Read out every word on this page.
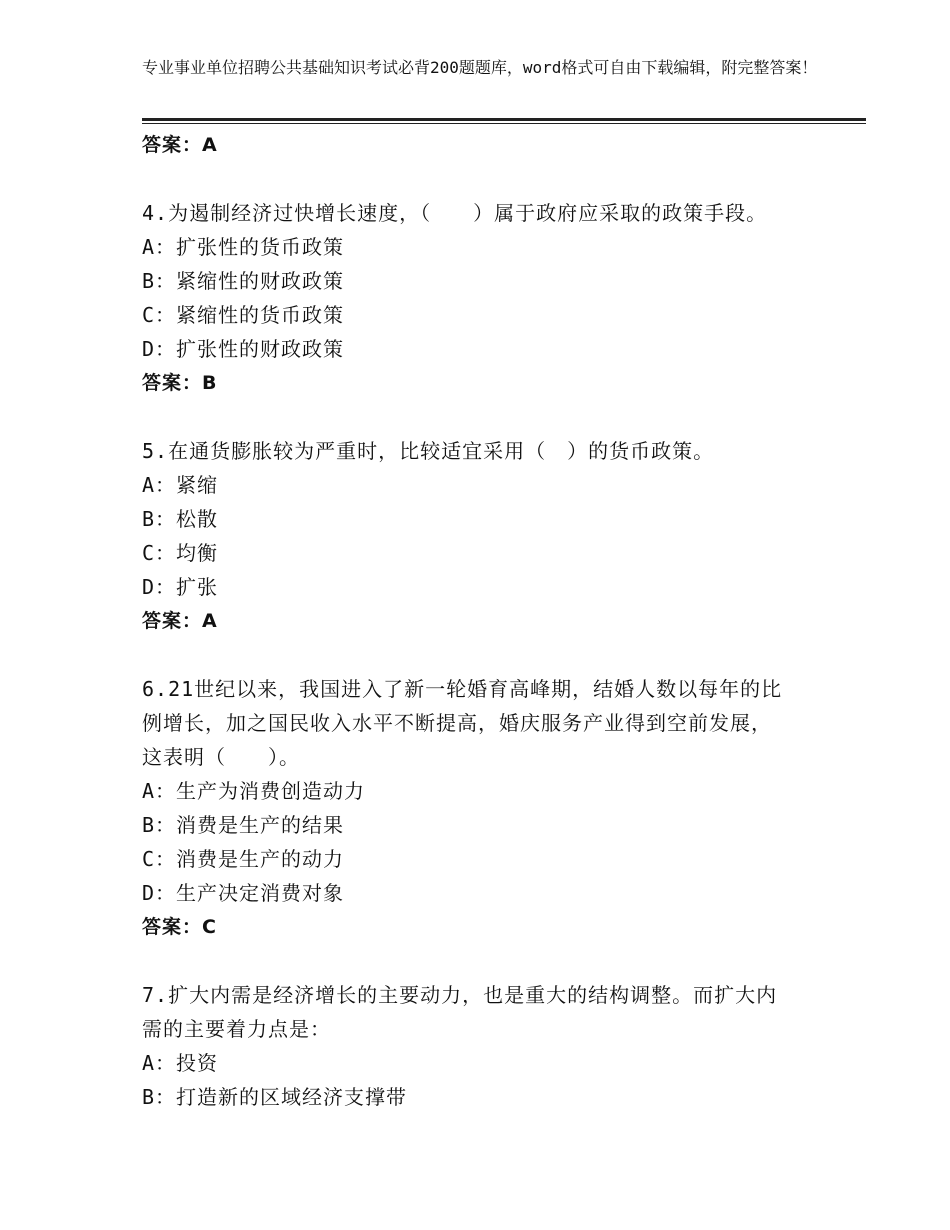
专业事业单位招聘公共基础知识考试必背200题题库，word格式可自由下载编辑，附完整答案！
答案：A
4.为遏制经济过快增长速度，（　　）属于政府应采取的政策手段。
A：扩张性的货币政策
B：紧缩性的财政政策
C：紧缩性的货币政策
D：扩张性的财政政策
答案：B
5.在通货膨胀较为严重时，比较适宜采用（　）的货币政策。
A：紧缩
B：松散
C：均衡
D：扩张
答案：A
6.21世纪以来，我国进入了新一轮婚育高峰期，结婚人数以每年的比
例增长，加之国民收入水平不断提高，婚庆服务产业得到空前发展，
这表明（　　）。
A：生产为消费创造动力
B：消费是生产的结果
C：消费是生产的动力
D：生产决定消费对象
答案：C
7.扩大内需是经济增长的主要动力，也是重大的结构调整。而扩大内
需的主要着力点是：
A：投资
B：打造新的区域经济支撑带
